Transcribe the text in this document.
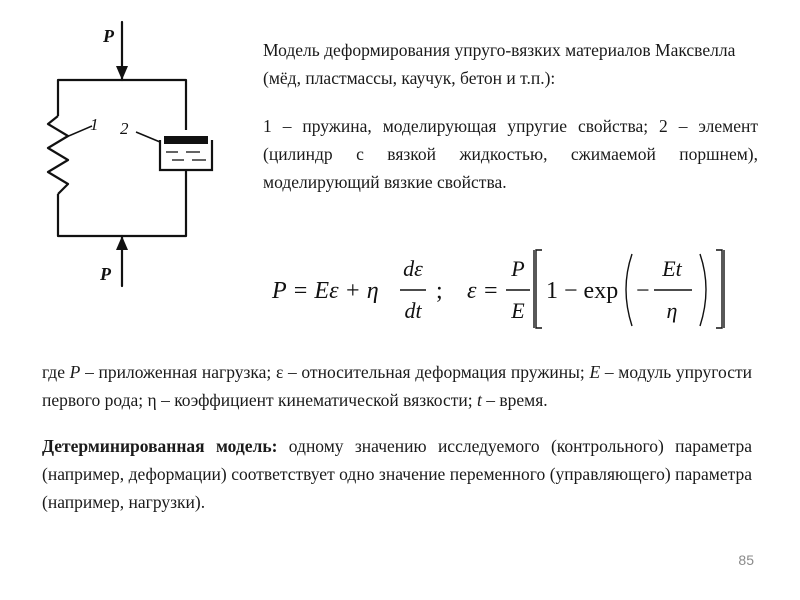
P
P
1 2

Модель деформирования упруго-вязких материалов Максвелла (мёд, пластмассы, каучук, бетон и т.п.):

1 – пружина, моделирующая упругие свойства; 2 – элемент (цилиндр с вязкой жидкостью, сжимаемой поршнем), моделирующий вязкие свойства.

P = Eε + η
dε
dt
; ε =
P
E
1 − exp −
Et
η

где P – приложенная нагрузка; ε – относительная деформация пружины; E – модуль упругости первого рода; η – коэффициент кинематической вязкости; t – время.

Детерминированная модель: одному значению исследуемого (контрольного) параметра (например, деформации) соответствует одно значение переменного (управляющего) параметра (например, нагрузки).

85
